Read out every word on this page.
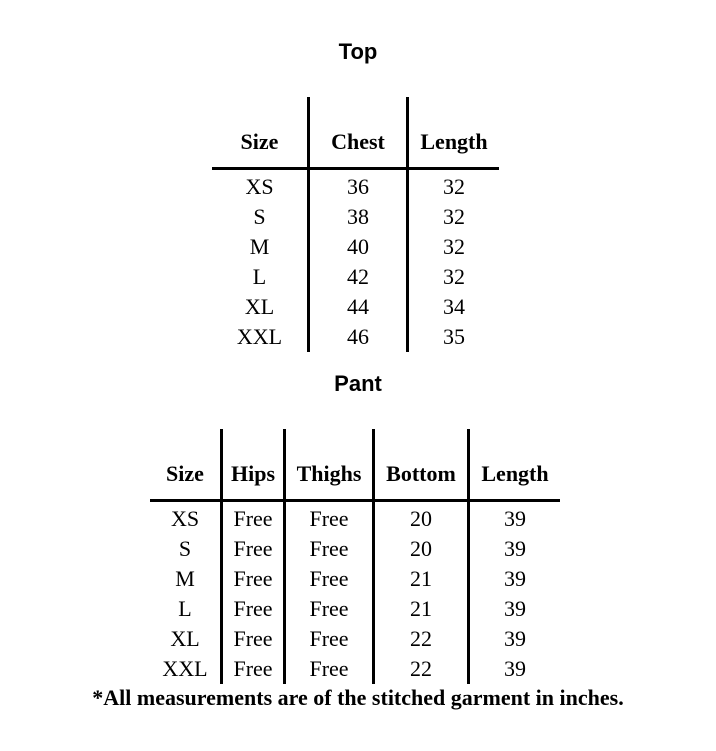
Top
Size	Chest	Length
XS	36	32
S	38	32
M	40	32
L	42	32
XL	44	34
XXL	46	35
Pant
Size	Hips	Thighs	Bottom	Length
XS	Free	Free	20	39
S	Free	Free	20	39
M	Free	Free	21	39
L	Free	Free	21	39
XL	Free	Free	22	39
XXL	Free	Free	22	39
*All measurements are of the stitched garment in inches.
